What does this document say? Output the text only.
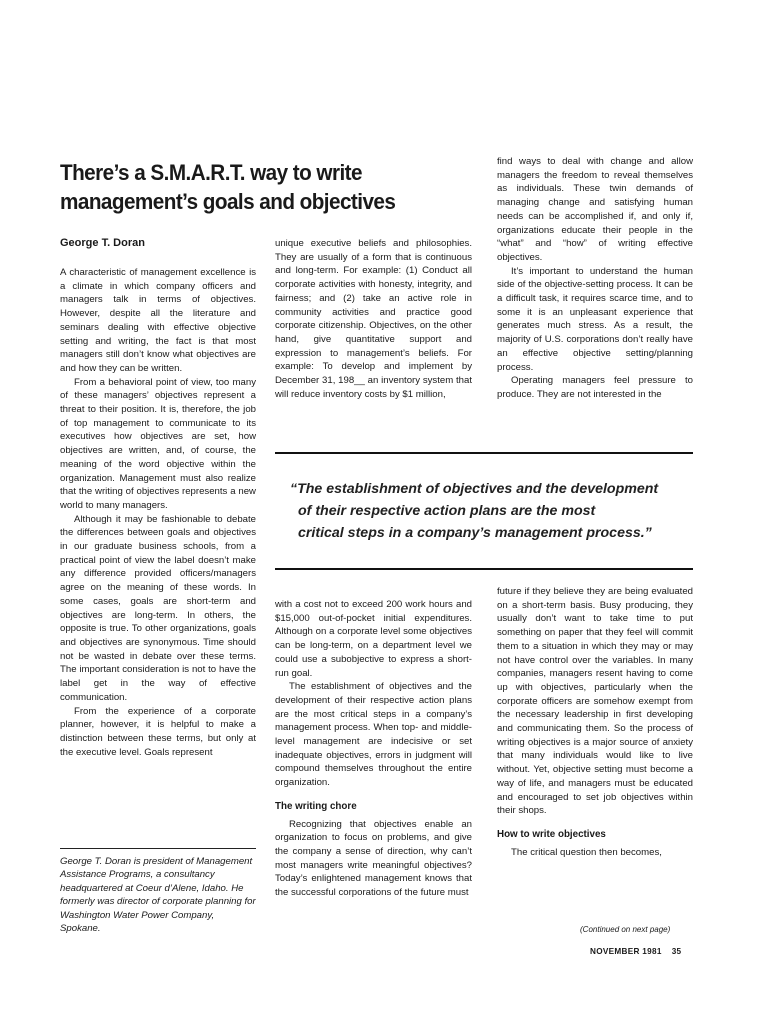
There’s a S.M.A.R.T. way to write
management’s goals and objectives
George T. Doran

A characteristic of management excellence is a climate in which company officers and managers talk in terms of objectives. However, despite all the literature and seminars dealing with effective objective setting and writing, the fact is that most managers still don’t know what objectives are and how they can be written.

From a behavioral point of view, too many of these managers’ objectives represent a threat to their position. It is, therefore, the job of top management to communicate to its executives how objectives are set, how objectives are written, and, of course, the meaning of the word objective within the organization. Management must also realize that the writing of objectives represents a new world to many managers.

Although it may be fashionable to debate the differences between goals and objectives in our graduate business schools, from a practical point of view the label doesn’t make any difference provided officers/managers agree on the meaning of these words. In some cases, goals are short-term and objectives are long-term. In others, the opposite is true. To other organizations, goals and objectives are synonymous. Time should not be wasted in debate over these terms. The important consideration is not to have the label get in the way of effective communication.

From the experience of a corporate planner, however, it is helpful to make a distinction between these terms, but only at the executive level. Goals represent

George T. Doran is president of Management Assistance Programs, a consultancy headquartered at Coeur d’Alene, Idaho. He formerly was director of corporate planning for Washington Water Power Company, Spokane.

unique executive beliefs and philosophies. They are usually of a form that is continuous and long-term. For example: (1) Conduct all corporate activities with honesty, integrity, and fairness; and (2) take an active role in community activities and practice good corporate citizenship. Objectives, on the other hand, give quantitative support and expression to management’s beliefs. For example: To develop and implement by December 31, 198__ an inventory system that will reduce inventory costs by $1 million,

find ways to deal with change and allow managers the freedom to reveal themselves as individuals. These twin demands of managing change and satisfying human needs can be accomplished if, and only if, organizations educate their people in the “what” and “how” of writing effective objectives.

It’s important to understand the human side of the objective-setting process. It can be a difficult task, it requires scarce time, and to some it is an unpleasant experience that generates much stress. As a result, the majority of U.S. corporations don’t really have an effective objective setting/planning process.

Operating managers feel pressure to produce. They are not interested in the

“The establishment of objectives and the development
of their respective action plans are the most
critical steps in a company’s management process.”

with a cost not to exceed 200 work hours and $15,000 out-of-pocket initial expenditures. Although on a corporate level some objectives can be long-term, on a department level we could use a subobjective to express a short-run goal.

The establishment of objectives and the development of their respective action plans are the most critical steps in a company’s management process. When top- and middle-level management are indecisive or set inadequate objectives, errors in judgment will compound themselves throughout the entire organization.

The writing chore

Recognizing that objectives enable an organization to focus on problems, and give the company a sense of direction, why can’t most managers write meaningful objectives? Today’s enlightened management knows that the successful corporations of the future must

future if they believe they are being evaluated on a short-term basis. Busy producing, they usually don’t want to take time to put something on paper that they feel will commit them to a situation in which they may or may not have control over the variables. In many companies, managers resent having to come up with objectives, particularly when the corporate officers are somehow exempt from the necessary leadership in first developing and communicating them. So the process of writing objectives is a major source of anxiety that many individuals would like to live without. Yet, objective setting must become a way of life, and managers must be educated and encouraged to set job objectives within their shops.

How to write objectives

The critical question then becomes,

(Continued on next page)
NOVEMBER 1981 35
